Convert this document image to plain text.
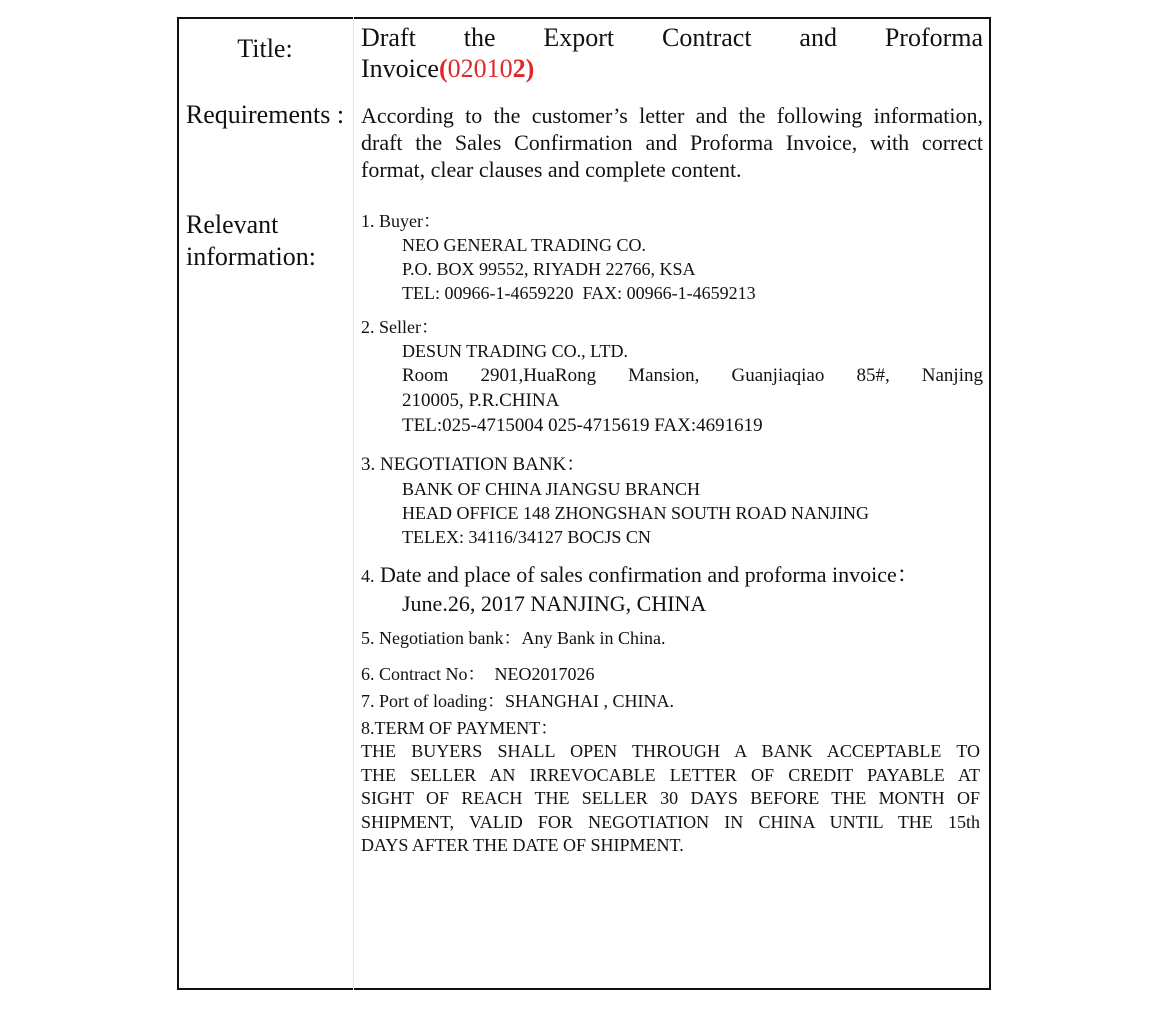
Title:
Requirements :
Relevant information:
Draft the Export Contract and Proforma
Invoice(020102)
According to the customer’s letter and the following information, draft the Sales Confirmation and Proforma Invoice, with correct format, clear clauses and complete content.
1. Buyer：
NEO GENERAL TRADING CO.
P.O. BOX 99552, RIYADH 22766, KSA
TEL: 00966-1-4659220  FAX: 00966-1-4659213
2. Seller：
DESUN TRADING CO., LTD.
Room 2901,HuaRong Mansion, Guanjiaqiao 85#, Nanjing
210005, P.R.CHINA
TEL:025-4715004 025-4715619 FAX:4691619
3. NEGOTIATION BANK：
BANK OF CHINA JIANGSU BRANCH
HEAD OFFICE 148 ZHONGSHAN SOUTH ROAD NANJING
TELEX: 34116/34127 BOCJS CN
4. Date and place of sales confirmation and proforma invoice：
June.26, 2017 NANJING, CHINA
5. Negotiation bank：Any Bank in China.
6. Contract No：  NEO2017026
7. Port of loading：SHANGHAI , CHINA.
8.TERM OF PAYMENT：
THE BUYERS SHALL OPEN THROUGH A BANK ACCEPTABLE TO
THE SELLER AN IRREVOCABLE LETTER OF CREDIT PAYABLE AT
SIGHT OF REACH THE SELLER 30 DAYS BEFORE THE MONTH OF
SHIPMENT, VALID FOR NEGOTIATION IN CHINA UNTIL THE 15th
DAYS AFTER THE DATE OF SHIPMENT.
